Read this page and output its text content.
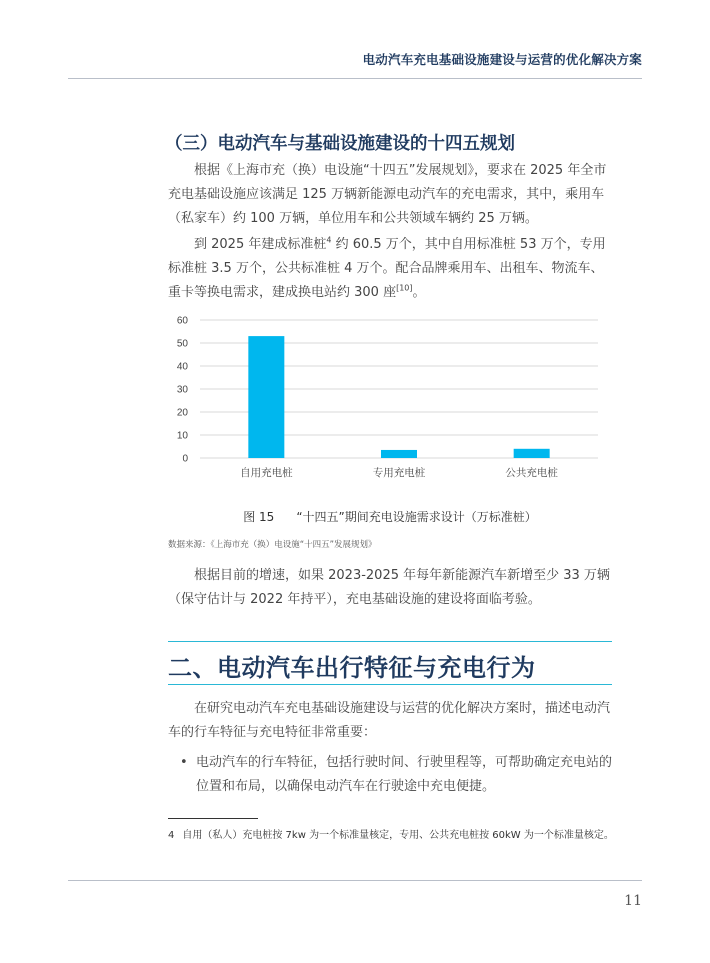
电动汽车充电基础设施建设与运营的优化解决方案
（三）电动汽车与基础设施建设的十四五规划

根据《上海市充（换）电设施“十四五”发展规划》，要求在 2025 年全市充电基础设施应该满足 125 万辆新能源电动汽车的充电需求，其中，乘用车（私家车）约 100 万辆，单位用车和公共领域车辆约 25 万辆。

到 2025 年建成标准桩$^4$ 约 60.5 万个，其中自用标准桩 53 万个，专用标准桩 3.5 万个，公共标准桩 4 万个。配合品牌乘用车、出租车、物流车、重卡等换电需求，建成换电站约 300 座[10]。

0
10
20
30
40
50
60
自用充电桩	专用充电桩	公共充电桩
图 15 “十四五”期间充电设施需求设计（万标准桩）
数据来源：《上海市充（换）电设施“十四五”发展规划》

根据目前的增速，如果 2023-2025 年每年新能源汽车新增至少 33 万辆（保守估计与 2022 年持平），充电基础设施的建设将面临考验。

二、电动汽车出行特征与充电行为

在研究电动汽车充电基础设施建设与运营的优化解决方案时，描述电动汽车的行车特征与充电特征非常重要：

• 电动汽车的行车特征，包括行驶时间、行驶里程等，可帮助确定充电站的位置和布局，以确保电动汽车在行驶途中充电便捷。
4 自用（私人）充电桩按 7kw 为一个标准量核定，专用、公共充电桩按 60kW 为一个标准量核定。
11
